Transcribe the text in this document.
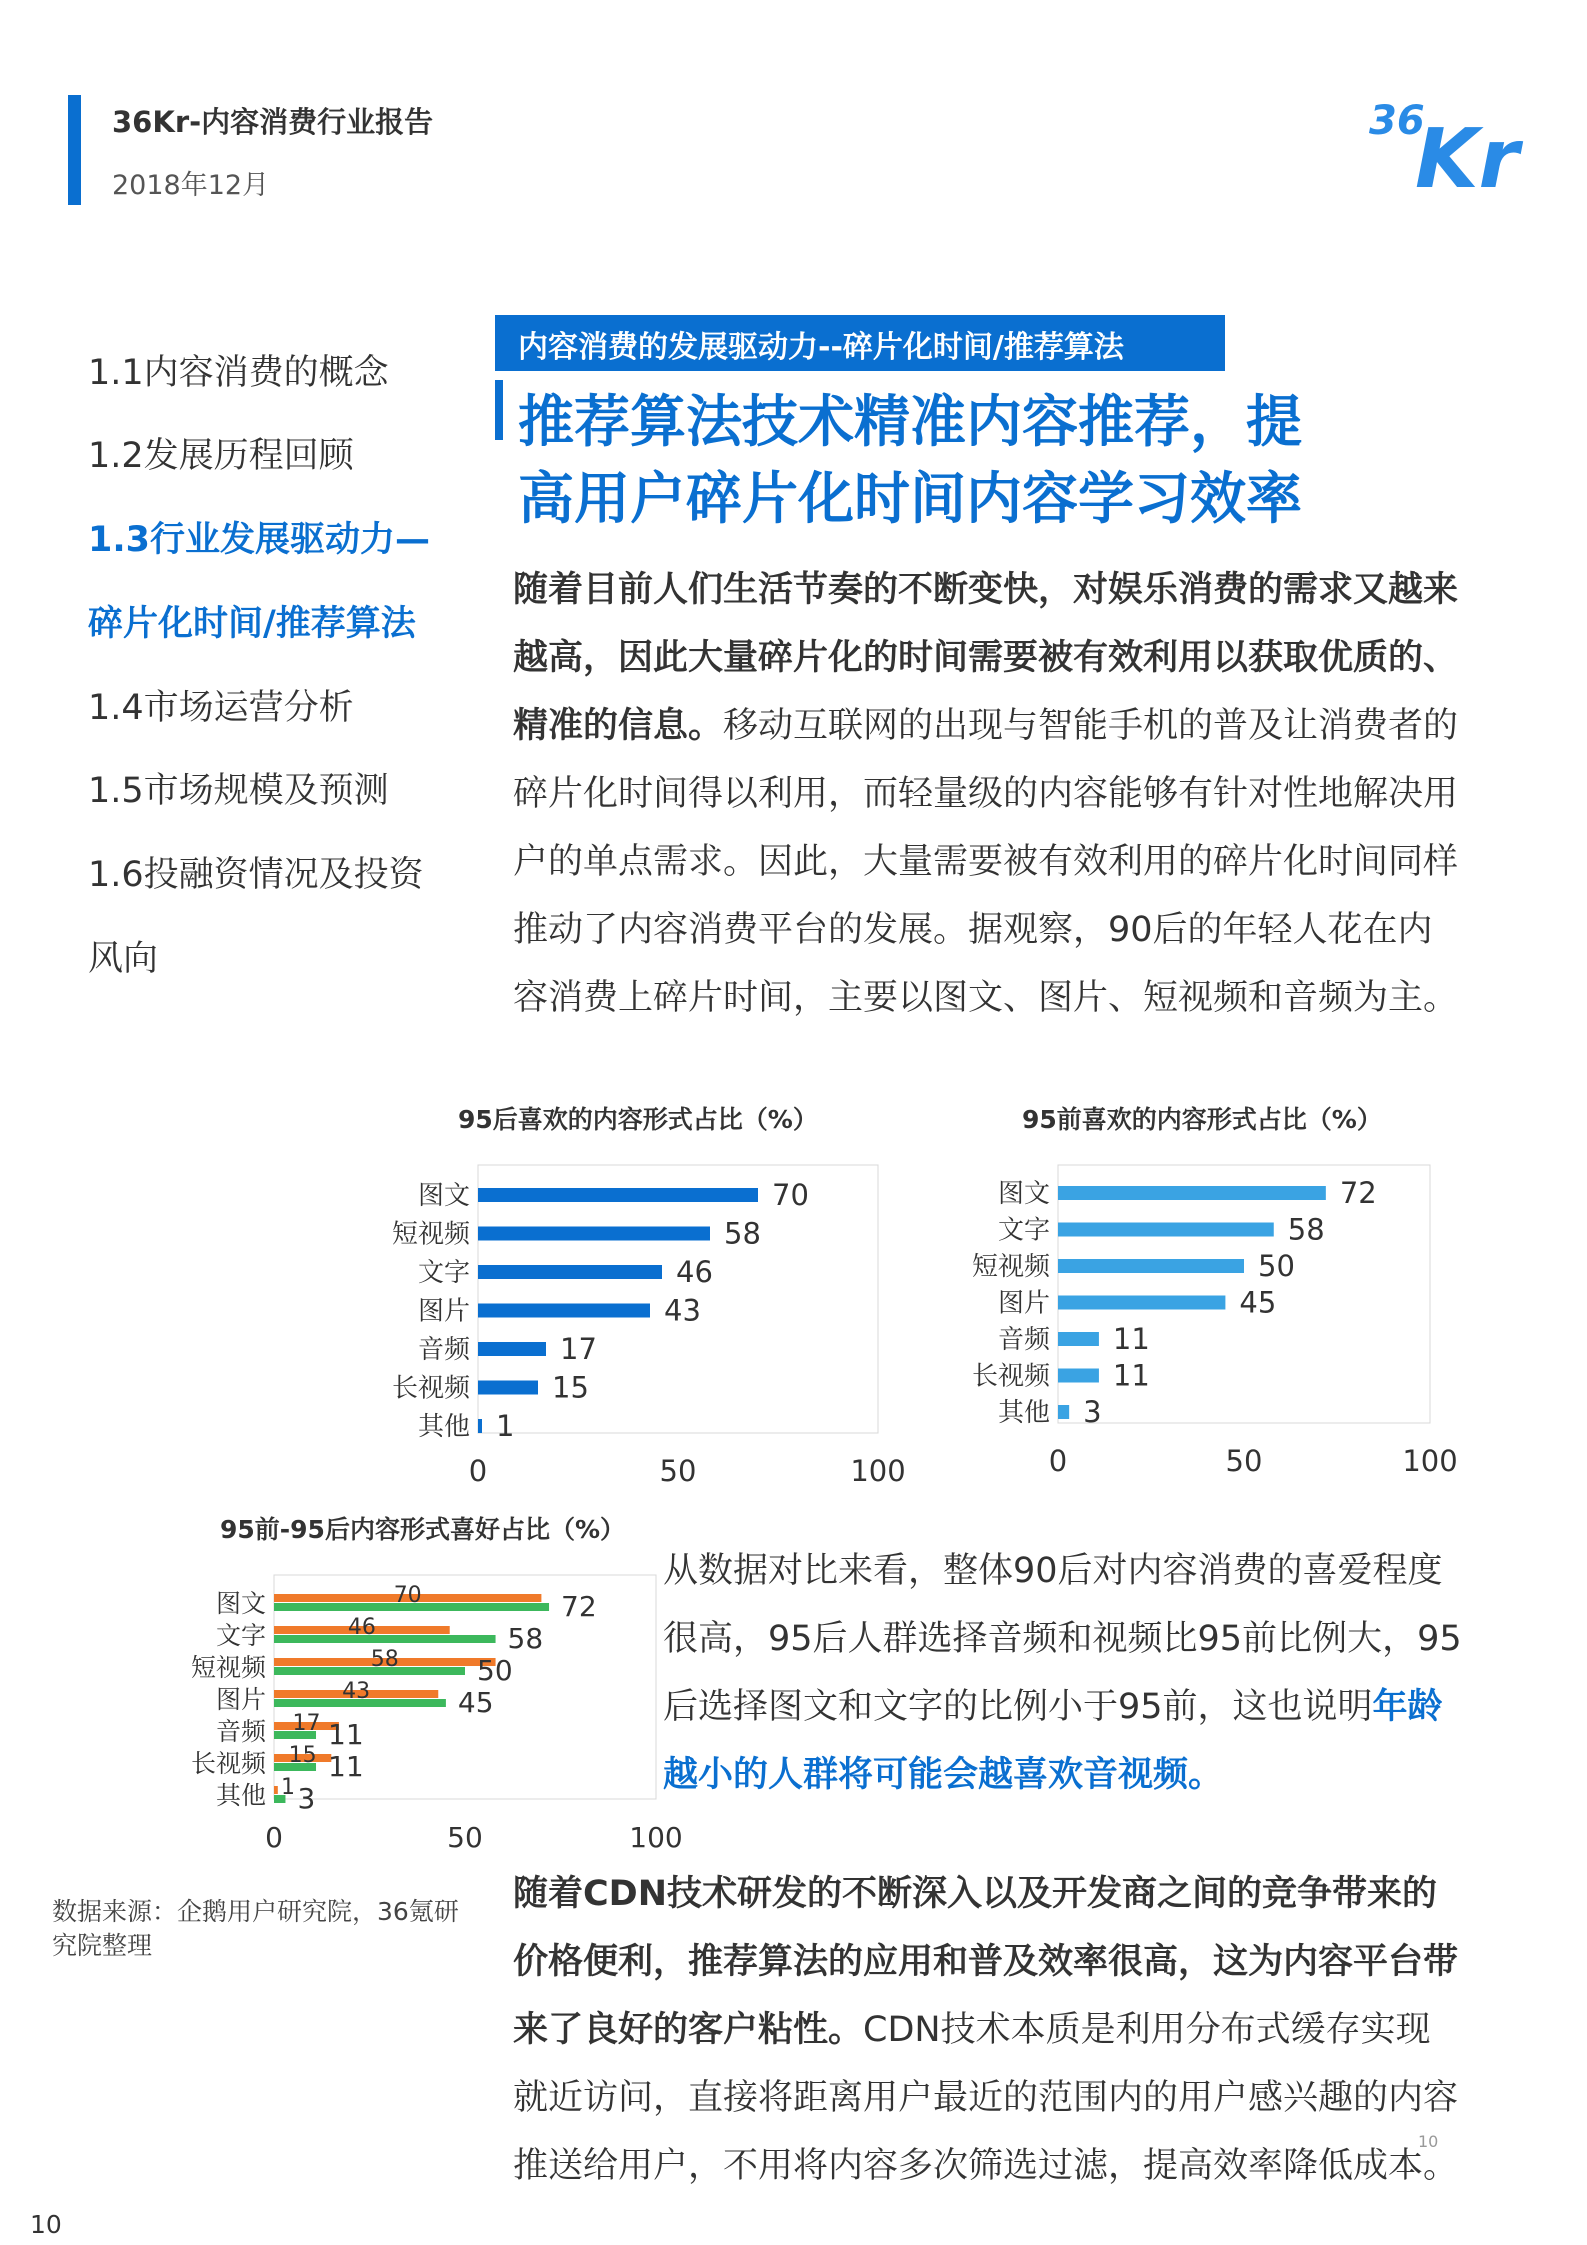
36Kr-内容消费行业报告
2018年12月
36
Kr
1.1内容消费的概念
1.2发展历程回顾
1.3行业发展驱动力—
碎片化时间/推荐算法
1.4市场运营分析
1.5市场规模及预测
1.6投融资情况及投资
风向
内容消费的发展驱动力--碎片化时间/推荐算法
推荐算法技术精准内容推荐，提
高用户碎片化时间内容学习效率
随着目前人们生活节奏的不断变快，对娱乐消费的需求又越来越高，因此大量碎片化的时间需要被有效利用以获取优质的、精准的信息。移动互联网的出现与智能手机的普及让消费者的碎片化时间得以利用，而轻量级的内容能够有针对性地解决用户的单点需求。因此，大量需要被有效利用的碎片化时间同样推动了内容消费平台的发展。据观察，90后的年轻人花在内容消费上碎片时间，主要以图文、图片、短视频和音频为主。
95后喜欢的内容形式占比（%）
图文	70
短视频	58
文字	46
图片	43
音频	17
长视频	15
其他 1
0	50	100
95前喜欢的内容形式占比（%）
图文	72
文字	58
短视频	50
图片	45
音频 11
长视频 11
其他 3
0	50	100
95前-95后内容形式喜好占比（%）
图文	70	72
文字	46	58
短视频	58	50
图片	43	45
音频 17 11
长视频 15 11
其他 1 3
0	50	100
从数据对比来看，整体90后对内容消费的喜爱程度很高，95后人群选择音频和视频比95前比例大，95后选择图文和文字的比例小于95前，这也说明年龄越小的人群将可能会越喜欢音视频。
数据来源：企鹅用户研究院，36氪研究院整理
随着CDN技术研发的不断深入以及开发商之间的竞争带来的价格便利，推荐算法的应用和普及效率很高，这为内容平台带来了良好的客户粘性。CDN技术本质是利用分布式缓存实现就近访问，直接将距离用户最近的范围内的用户感兴趣的内容推送给用户，不用将内容多次筛选过滤，提高效率降低成本。
10
10
